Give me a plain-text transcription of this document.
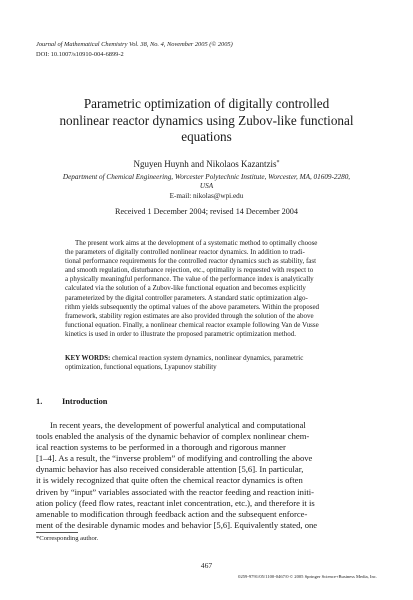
Journal of Mathematical Chemistry Vol. 38, No. 4, November 2005 (© 2005)
DOI: 10.1007/s10910-004-6899-2
Parametric optimization of digitally controlled
nonlinear reactor dynamics using Zubov-like functional
equations
Nguyen Huynh and Nikolaos Kazantzis*
Department of Chemical Engineering, Worcester Polytechnic Institute, Worcester, MA, 01609-2280,
USA
E-mail: nikolas@wpi.edu
Received 1 December 2004; revised 14 December 2004
The present work aims at the development of a systematic method to optimally choose
the parameters of digitally controlled nonlinear reactor dynamics. In addition to tradi-
tional performance requirements for the controlled reactor dynamics such as stability, fast
and smooth regulation, disturbance rejection, etc., optimality is requested with respect to
a physically meaningful performance. The value of the performance index is analytically
calculated via the solution of a Zubov-like functional equation and becomes explicitly
parameterized by the digital controller parameters. A standard static optimization algo-
rithm yields subsequently the optimal values of the above parameters. Within the proposed
framework, stability region estimates are also provided through the solution of the above
functional equation. Finally, a nonlinear chemical reactor example following Van de Vusse
kinetics is used in order to illustrate the proposed parametric optimization method.
KEY WORDS: chemical reaction system dynamics, nonlinear dynamics, parametric
optimization, functional equations, Lyapunov stability
1. Introduction
In recent years, the development of powerful analytical and computational
tools enabled the analysis of the dynamic behavior of complex nonlinear chem-
ical reaction systems to be performed in a thorough and rigorous manner
[1–4]. As a result, the “inverse problem” of modifying and controlling the above
dynamic behavior has also received considerable attention [5,6]. In particular,
it is widely recognized that quite often the chemical reactor dynamics is often
driven by “input” variables associated with the reactor feeding and reaction initi-
ation policy (feed flow rates, reactant inlet concentration, etc.), and therefore it is
amenable to modification through feedback action and the subsequent enforce-
ment of the desirable dynamic modes and behavior [5,6]. Equivalently stated, one
*Corresponding author.
467
0259-9791/05/1100-0467/0 © 2005 Springer Science+Business Media, Inc.
